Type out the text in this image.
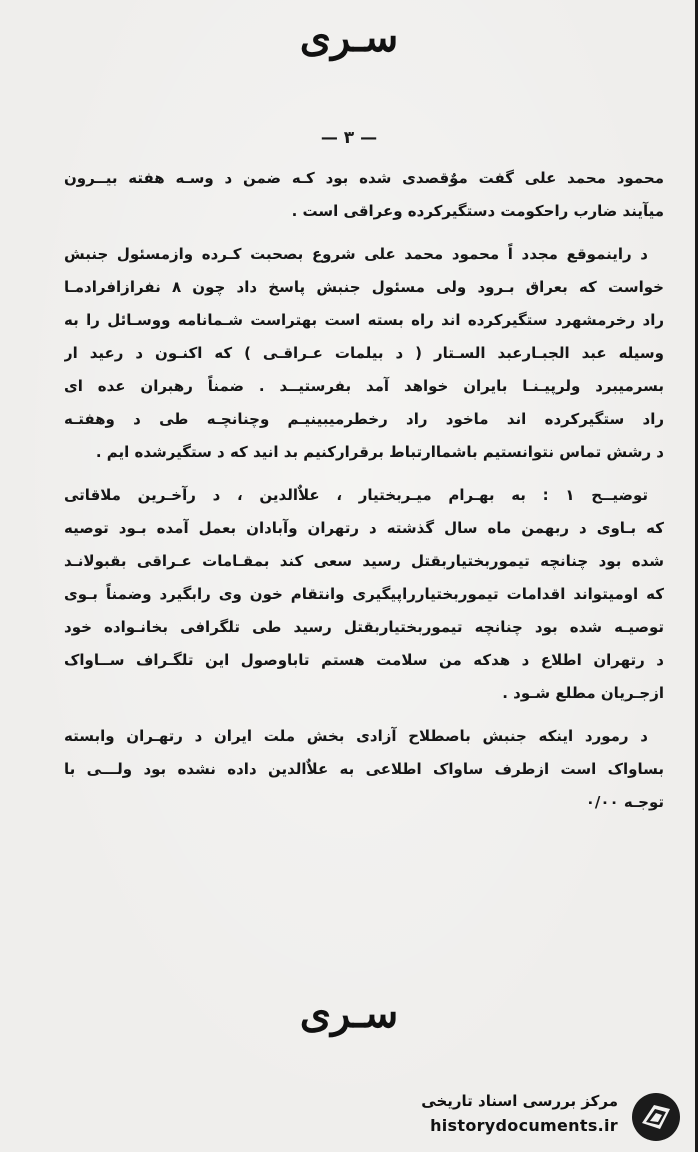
سـرى
— ۳ —

محمود محمد علی گفت موٌقصدی شده بود کـه ضمن د وسـه هفته بیــرون

میآیند ضارب راحکومت دستگیرکرده وعراقی است .

د راینموقع مجدد اً محمود محمد علی شروع بصحبت کـرده وازمسئول جنبش

خواست که بعراق بـرود ولی مسئول جنبش پاسخ داد چون ۸ نفرازافرادمـا

راد رخرمشهرد ستگیرکرده اند راه بسته است بهتراست شـمانامه ووسـائل را به

وسیله عبد الجبـارعبد السـتار ( د بیلمات عـراقـی ) که اکنـون د رعید ار

بسرمیبرد ولرپیـنـا بایران خواهد آمد بفرستیــد . ضمناً رهبران عده ای

راد ستگیرکرده اند ماخود راد رخطرمیبینیـم وچنانچـه طی د وهفتـه

د رشش تماس نتوانستیم باشماارتباط برقرارکنیم بد انید که د ستگیرشده ایم .

توضیــح ۱ : به بهـرام میـربختیار ، علاٌالدین ، د رآخـرین ملاقاتی

که بـاوی د ربهمن ماه سال گذشته د رتهران وآبادان بعمل آمده بـود توصیه

شده بود چنانچه تیموربختیاربقتل رسید سعی کند بمقـامات عـراقی بقبولانـد

که اوميتواند اقدامات تیموربختیارراپیگیری وانتقام خون وی رابگیرد وضمناً بـوی

توصیـه شده بود چنانچه تیموربختیاربقتل رسید طی تلگرافی بخانـواده خود

د رتهران اطلاع د هدکه من سلامت هستم تاباوصول این تلگـراف ســاواک

ازجـریان مطلع شـود .

د رمورد اینکه جنبش باصطلاح آزادی بخش ملت ایران د رتهـران وابسته

بساواک است ازطرف ساواک اطلاعی به علاٌالدین داده نشده بود ولـــی با

توجـه ۰/۰۰

سـرى
مرکز بررسی اسناد تاریخی
historydocuments.ir
